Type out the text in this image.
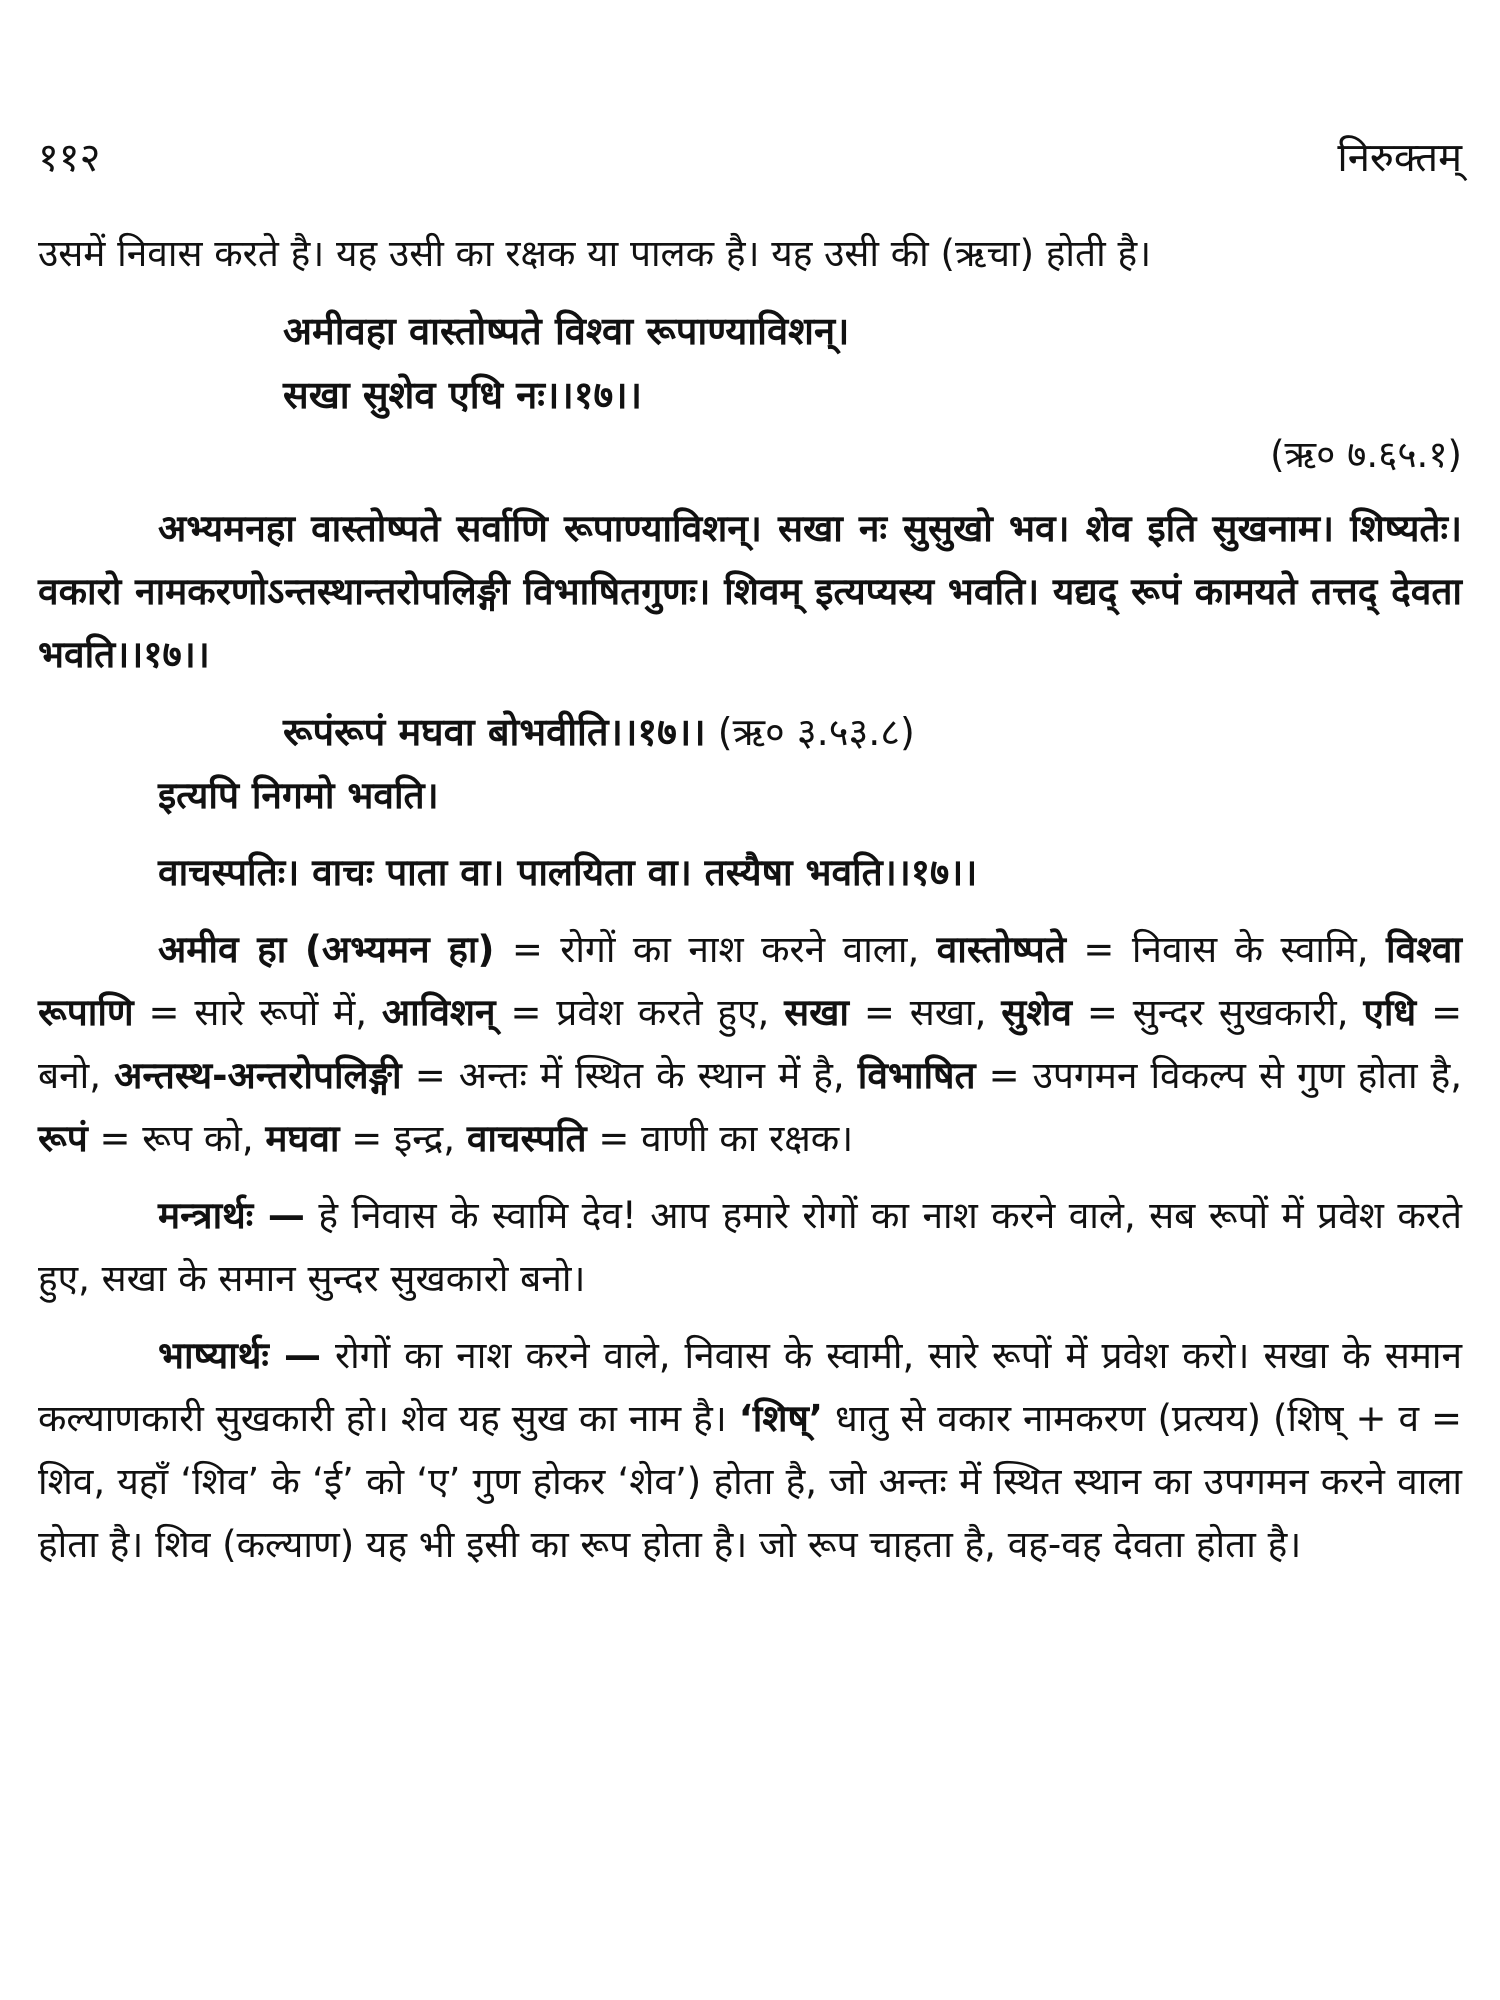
११२	निरुक्तम्

उसमें निवास करते है। यह उसी का रक्षक या पालक है। यह उसी की (ऋचा) होती है।

अमीवहा वास्तोष्पते विश्वा रूपाण्याविशन्।

सखा सुशेव एधि नः।।१७।।

(ऋ० ७.६५.१)

अभ्यमनहा वास्तोष्पते सर्वाणि रूपाण्याविशन्। सखा नः सुसुखो भव। शेव इति सुखनाम। शिष्यतेः। वकारो नामकरणोऽन्तस्थान्तरोपलिङ्गी विभाषितगुणः। शिवम् इत्यप्यस्य भवति। यद्यद् रूपं कामयते तत्तद् देवता भवति।।१७।।

रूपंरूपं मघवा बोभवीति।।१७।। (ऋ० ३.५३.८)

इत्यपि निगमो भवति।

वाचस्पतिः। वाचः पाता वा। पालयिता वा। तस्यैषा भवति।।१७।।

अमीव हा (अभ्यमन हा) = रोगों का नाश करने वाला, वास्तोष्पते = निवास के स्वामि, विश्वा रूपाणि = सारे रूपों में, आविशन् = प्रवेश करते हुए, सखा = सखा, सुशेव = सुन्दर सुखकारी, एधि = बनो, अन्तस्थ-अन्तरोपलिङ्गी = अन्तः में स्थित के स्थान में है, विभाषित = उपगमन विकल्प से गुण होता है, रूपं = रूप को, मघवा = इन्द्र, वाचस्पति = वाणी का रक्षक।

मन्त्रार्थः — हे निवास के स्वामि देव! आप हमारे रोगों का नाश करने वाले, सब रूपों में प्रवेश करते हुए, सखा के समान सुन्दर सुखकारो बनो।

भाष्यार्थः — रोगों का नाश करने वाले, निवास के स्वामी, सारे रूपों में प्रवेश करो। सखा के समान कल्याणकारी सुखकारी हो। शेव यह सुख का नाम है। ‘शिष्’ धातु से वकार नामकरण (प्रत्यय) (शिष् + व = शिव, यहाँ ‘शिव’ के ‘ई’ को ‘ए’ गुण होकर ‘शेव’) होता है, जो अन्तः में स्थित स्थान का उपगमन करने वाला होता है। शिव (कल्याण) यह भी इसी का रूप होता है। जो रूप चाहता है, वह-वह देवता होता है।
